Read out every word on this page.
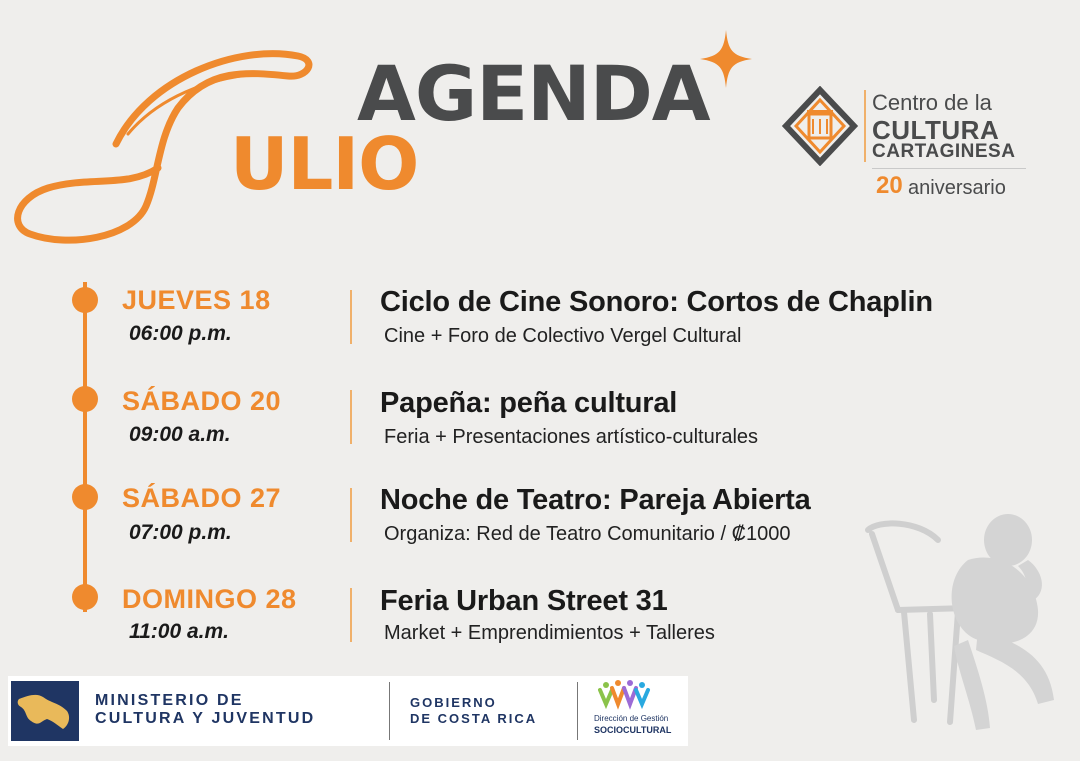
AGENDA
ULIO
Centro de la
CULTURA
CARTAGINESA
20 aniversario
JUEVES 18
06:00 p.m.
Ciclo de Cine Sonoro: Cortos de Chaplin
Cine + Foro de Colectivo Vergel Cultural
SÁBADO 20
09:00 a.m.
Papeña: peña cultural
Feria + Presentaciones artístico-culturales
SÁBADO 27
07:00 p.m.
Noche de Teatro: Pareja Abierta
Organiza: Red de Teatro Comunitario / ₡1000
DOMINGO 28
11:00 a.m.
Feria Urban Street 31
Market + Emprendimientos + Talleres
MINISTERIO DE
CULTURA Y JUVENTUD
GOBIERNO
DE COSTA RICA	Dirección de Gestión
SOCIOCULTURAL
